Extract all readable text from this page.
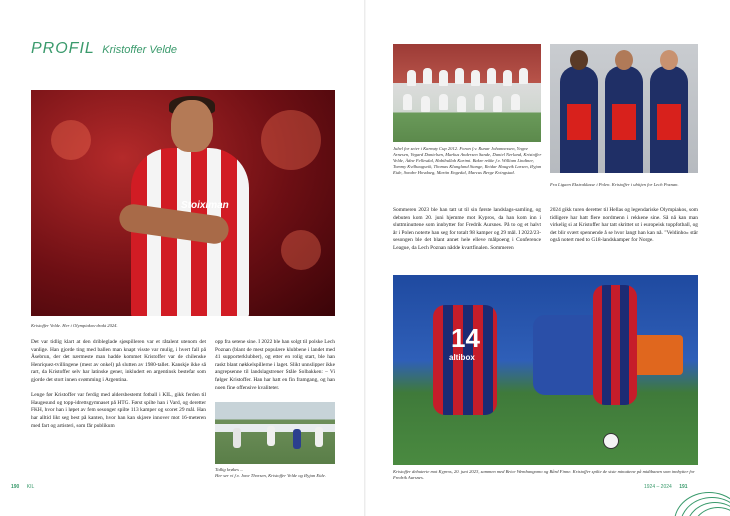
PROFIL Kristoffer Velde
Stoiximan
Kristoffer Velde. Her i Olympiakos-drakt 2024.

Det var tidlig klart at den dribleglade sjøspilleren var et råtalent utenom det vanlige. Han gjorde ting med ballen man knapt visste var mulig, i hvert fall på Åsebrun, der det nærmeste man hadde kommet Kristoffer var de chilenske Henriquez-tvillingene (mest av onkel) på slutten av 1980-tallet. Kanskje ikke så rart, da Kristoffer selv har latinske gener, inkludert en argentinsk bestefar som gjorde det stort innen svømming i Argentina.

Lenge før Kristoffer var ferdig med aldersbestemt fotball i KIL, gikk ferden til Haugesund og topp-idrettsgymnaset på HTG. Først spilte han i Vard, og deretter FKH, hvor han i løpet av fem sesonger spilte 113 kamper og scoret 29 mål. Han har alltid likt seg best på kanten, hvor han kan skjære innover mot 16-meteren med fart og artisteri, som får publikum

opp fra setene sine. I 2022 ble han solgt til polske Lech Poznan (blant de mest populære klubbene i landet med 41 supporterklubber), og etter en rolig start, ble han raskt blant nøkkelspillerne i laget. Slikt unnslipper ikke angrepsenne til landslagstrener Ståle Solbakken: – Vi følger Kristoffer. Han har hatt en fin framgang, og han noen fine offensive kvaliteter.

Tidlig krøkes ...
Her ser vi f.v. Jone Thorsen, Kristoffer Velde og Øyjan Eide.
Jubel for seier i Karmøy Cup 2012. Foran f.v. Runar Johannessen, Yngve Arnesen, Vegard Danielsen, Markus Andersen Sande, Daniel Nerland, Kristoffer Velde, Ådne Fellesdal, Habibullah Karimi. Bakre rekke f.v. William Lindtner, Tommy Kvilhaugsvik, Thomas Klungland Stange, Reidar Haugvik Larsen, Øyjan Eide, Sondre Hovdaeg, Martin Engedal, Marcus Berge Kvingstad.
Fra Ligaen Ekstraklasse i Polen. Kristoffer i ubitjen for Lech Poznan.

Sommeren 2023 ble han tatt ut til sin første landslags-samling, og debuten kom 20. juni hjemme mot Kypros, da han kom inn i sluttminuttene som innbytter for Fredrik Aursnes. På to og et halvt år i Polen noterte han seg for totalt 98 kamper og 29 mål. I 2022/23-sesongen ble det blant annet hele elleve målpoeng i Conference League, da Lech Poznan nådde kvartfinalen. Sommeren

2024 gikk turen deretter til Hellas og legendariske Olympiakos, som tidligere har hatt flere nordmenn i rekkene sine. Så nå kan man virkelig si at Kristoffer har tatt skrittet ut i europeisk toppfotball, og det blir svært spennende å se hvor langt han kan nå. "Veldinho» står også notert med to G18-landskamper for Norge.

14
altibox
Kristoffer debuterte mot Kypros, 20. juni 2023, sammen med Brice Wembangomo og Bård Finne. Kristoffer spilte de siste minuttene på midtbanen som innbytter for Fredrik Aursnes.
190 KIL	1924 – 2024 191
